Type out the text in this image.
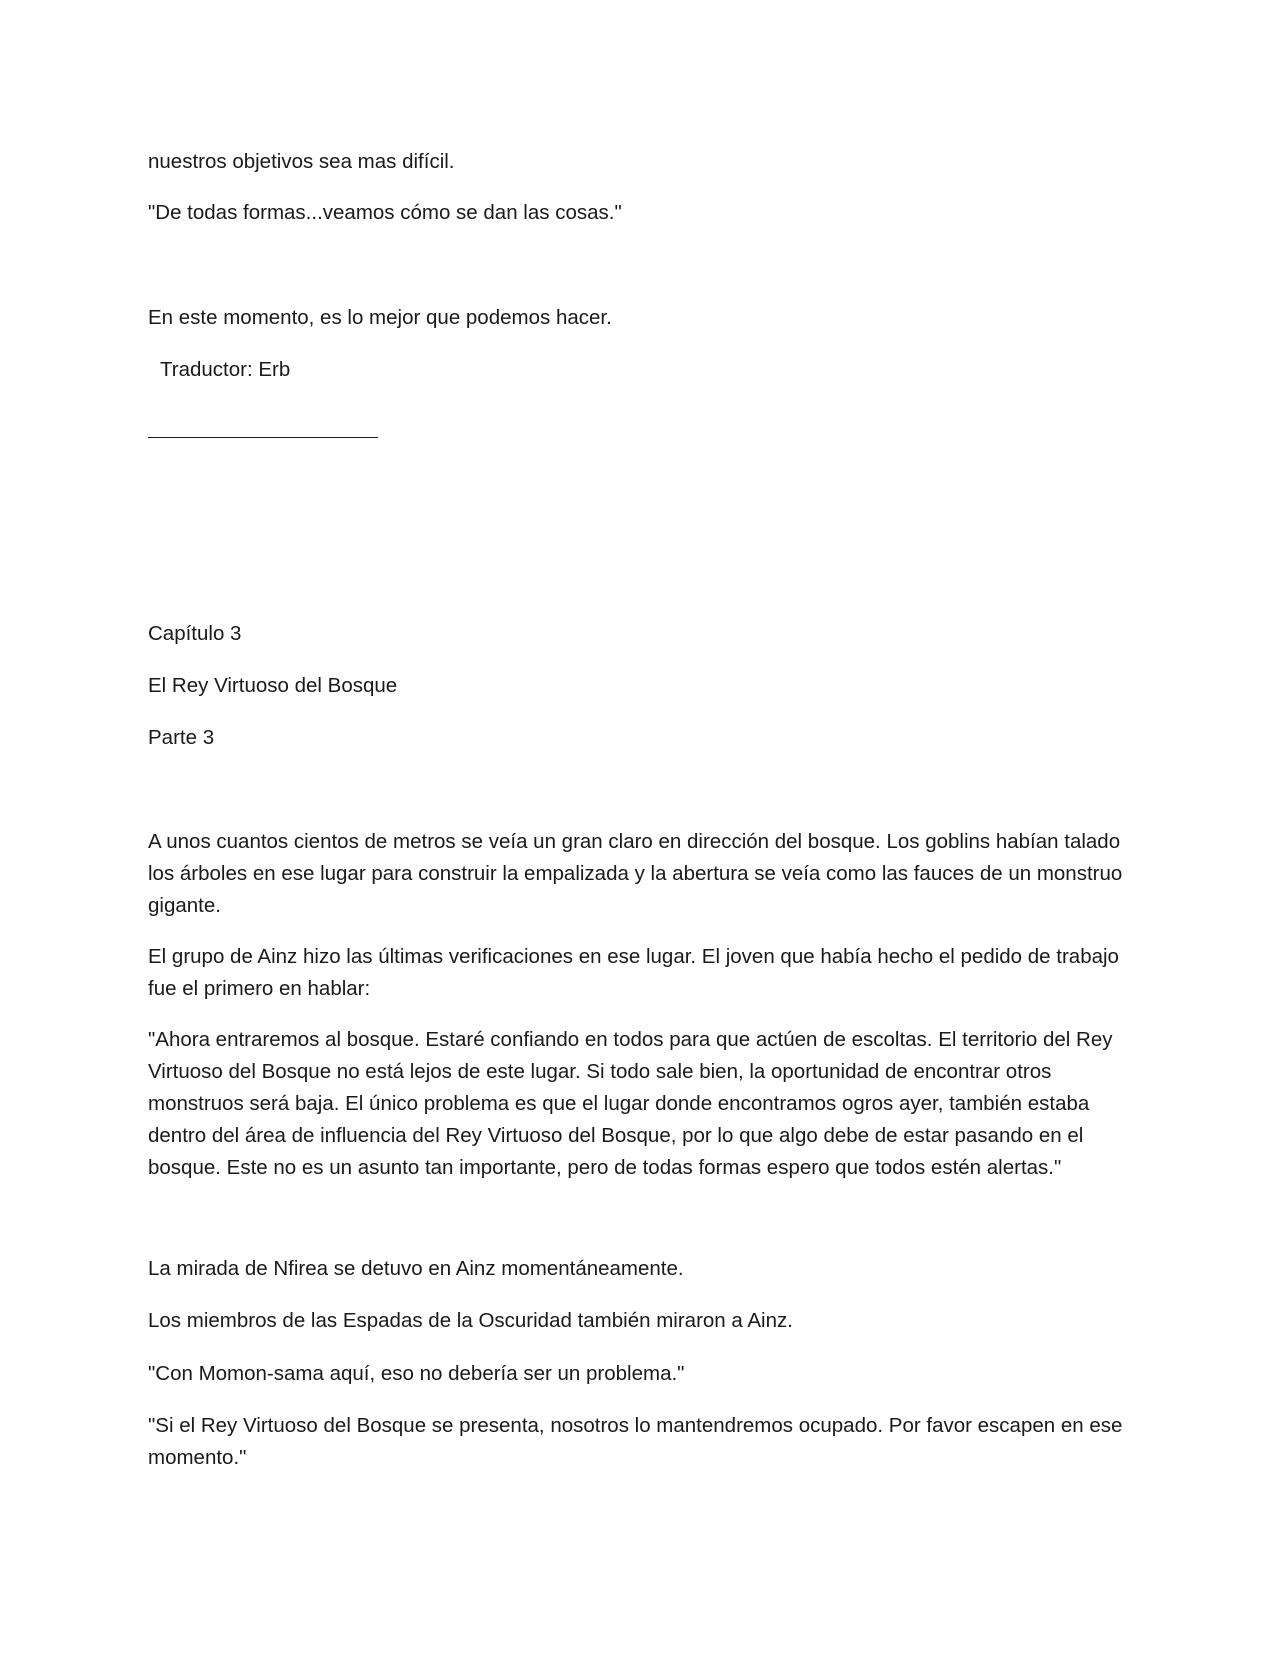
nuestros objetivos sea mas difícil.

"De todas formas...veamos cómo se dan las cosas."

En este momento, es lo mejor que podemos hacer.

Traductor: Erb

Capítulo 3

El Rey Virtuoso del Bosque

Parte 3

A unos cuantos cientos de metros se veía un gran claro en dirección del bosque. Los goblins habían talado los árboles en ese lugar para construir la empalizada y la abertura se veía como las fauces de un monstruo gigante.

El grupo de Ainz hizo las últimas verificaciones en ese lugar. El joven que había hecho el pedido de trabajo fue el primero en hablar:

"Ahora entraremos al bosque. Estaré confiando en todos para que actúen de escoltas. El territorio del Rey Virtuoso del Bosque no está lejos de este lugar. Si todo sale bien, la oportunidad de encontrar otros monstruos será baja. El único problema es que el lugar donde encontramos ogros ayer, también estaba dentro del área de influencia del Rey Virtuoso del Bosque, por lo que algo debe de estar pasando en el bosque. Este no es un asunto tan importante, pero de todas formas espero que todos estén alertas."

La mirada de Nfirea se detuvo en Ainz momentáneamente.

Los miembros de las Espadas de la Oscuridad también miraron a Ainz.

"Con Momon-sama aquí, eso no debería ser un problema."

"Si el Rey Virtuoso del Bosque se presenta, nosotros lo mantendremos ocupado. Por favor escapen en ese momento."
